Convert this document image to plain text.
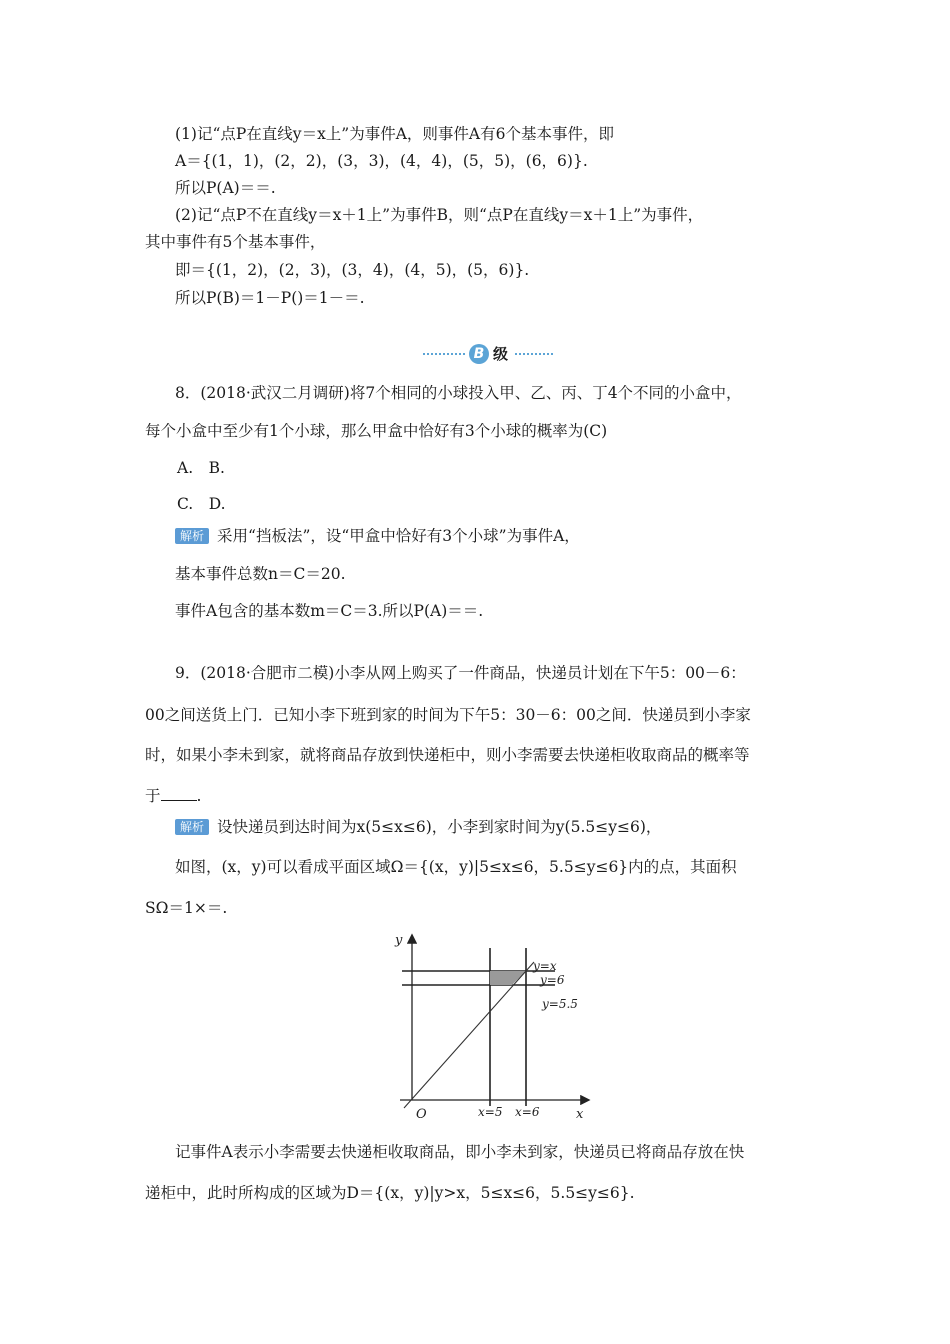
(1)记“点P在直线y＝x上”为事件A，则事件A有6个基本事件，即
A＝{(1，1)，(2，2)，(3，3)，(4，4)，(5，5)，(6，6)}.
所以P(A)＝＝.
(2)记“点P不在直线y＝x＋1上”为事件B，则“点P在直线y＝x＋1上”为事件，
其中事件有5个基本事件，
即＝{(1，2)，(2，3)，(3，4)，(4，5)，(5，6)}.
所以P(B)＝1－P()＝1－＝.
B 级
8．(2018·武汉二月调研)将7个相同的小球投入甲、乙、丙、丁4个不同的小盒中，
每个小盒中至少有1个小球，那么甲盒中恰好有3个小球的概率为(C)
A.　B.
C.　D.
解析 采用“挡板法”，设“甲盒中恰好有3个小球”为事件A，
基本事件总数n＝C＝20.
事件A包含的基本数m＝C＝3.所以P(A)＝＝.
9．(2018·合肥市二模)小李从网上购买了一件商品，快递员计划在下午5：00－6：
00之间送货上门．已知小李下班到家的时间为下午5：30－6：00之间．快递员到小李家
时，如果小李未到家，就将商品存放到快递柜中，则小李需要去快递柜收取商品的概率等
于 .
解析 设快递员到达时间为x(5≤x≤6)，小李到家时间为y(5.5≤y≤6)，
如图，(x，y)可以看成平面区域Ω＝{(x，y)|5≤x≤6，5.5≤y≤6}内的点，其面积
SΩ＝1×＝.
y
x
O
y=x
y=6
y=5.5
x=5 x=6
记事件A表示小李需要去快递柜收取商品，即小李未到家，快递员已将商品存放在快
递柜中，此时所构成的区域为D＝{(x，y)|y>x，5≤x≤6，5.5≤y≤6}.
